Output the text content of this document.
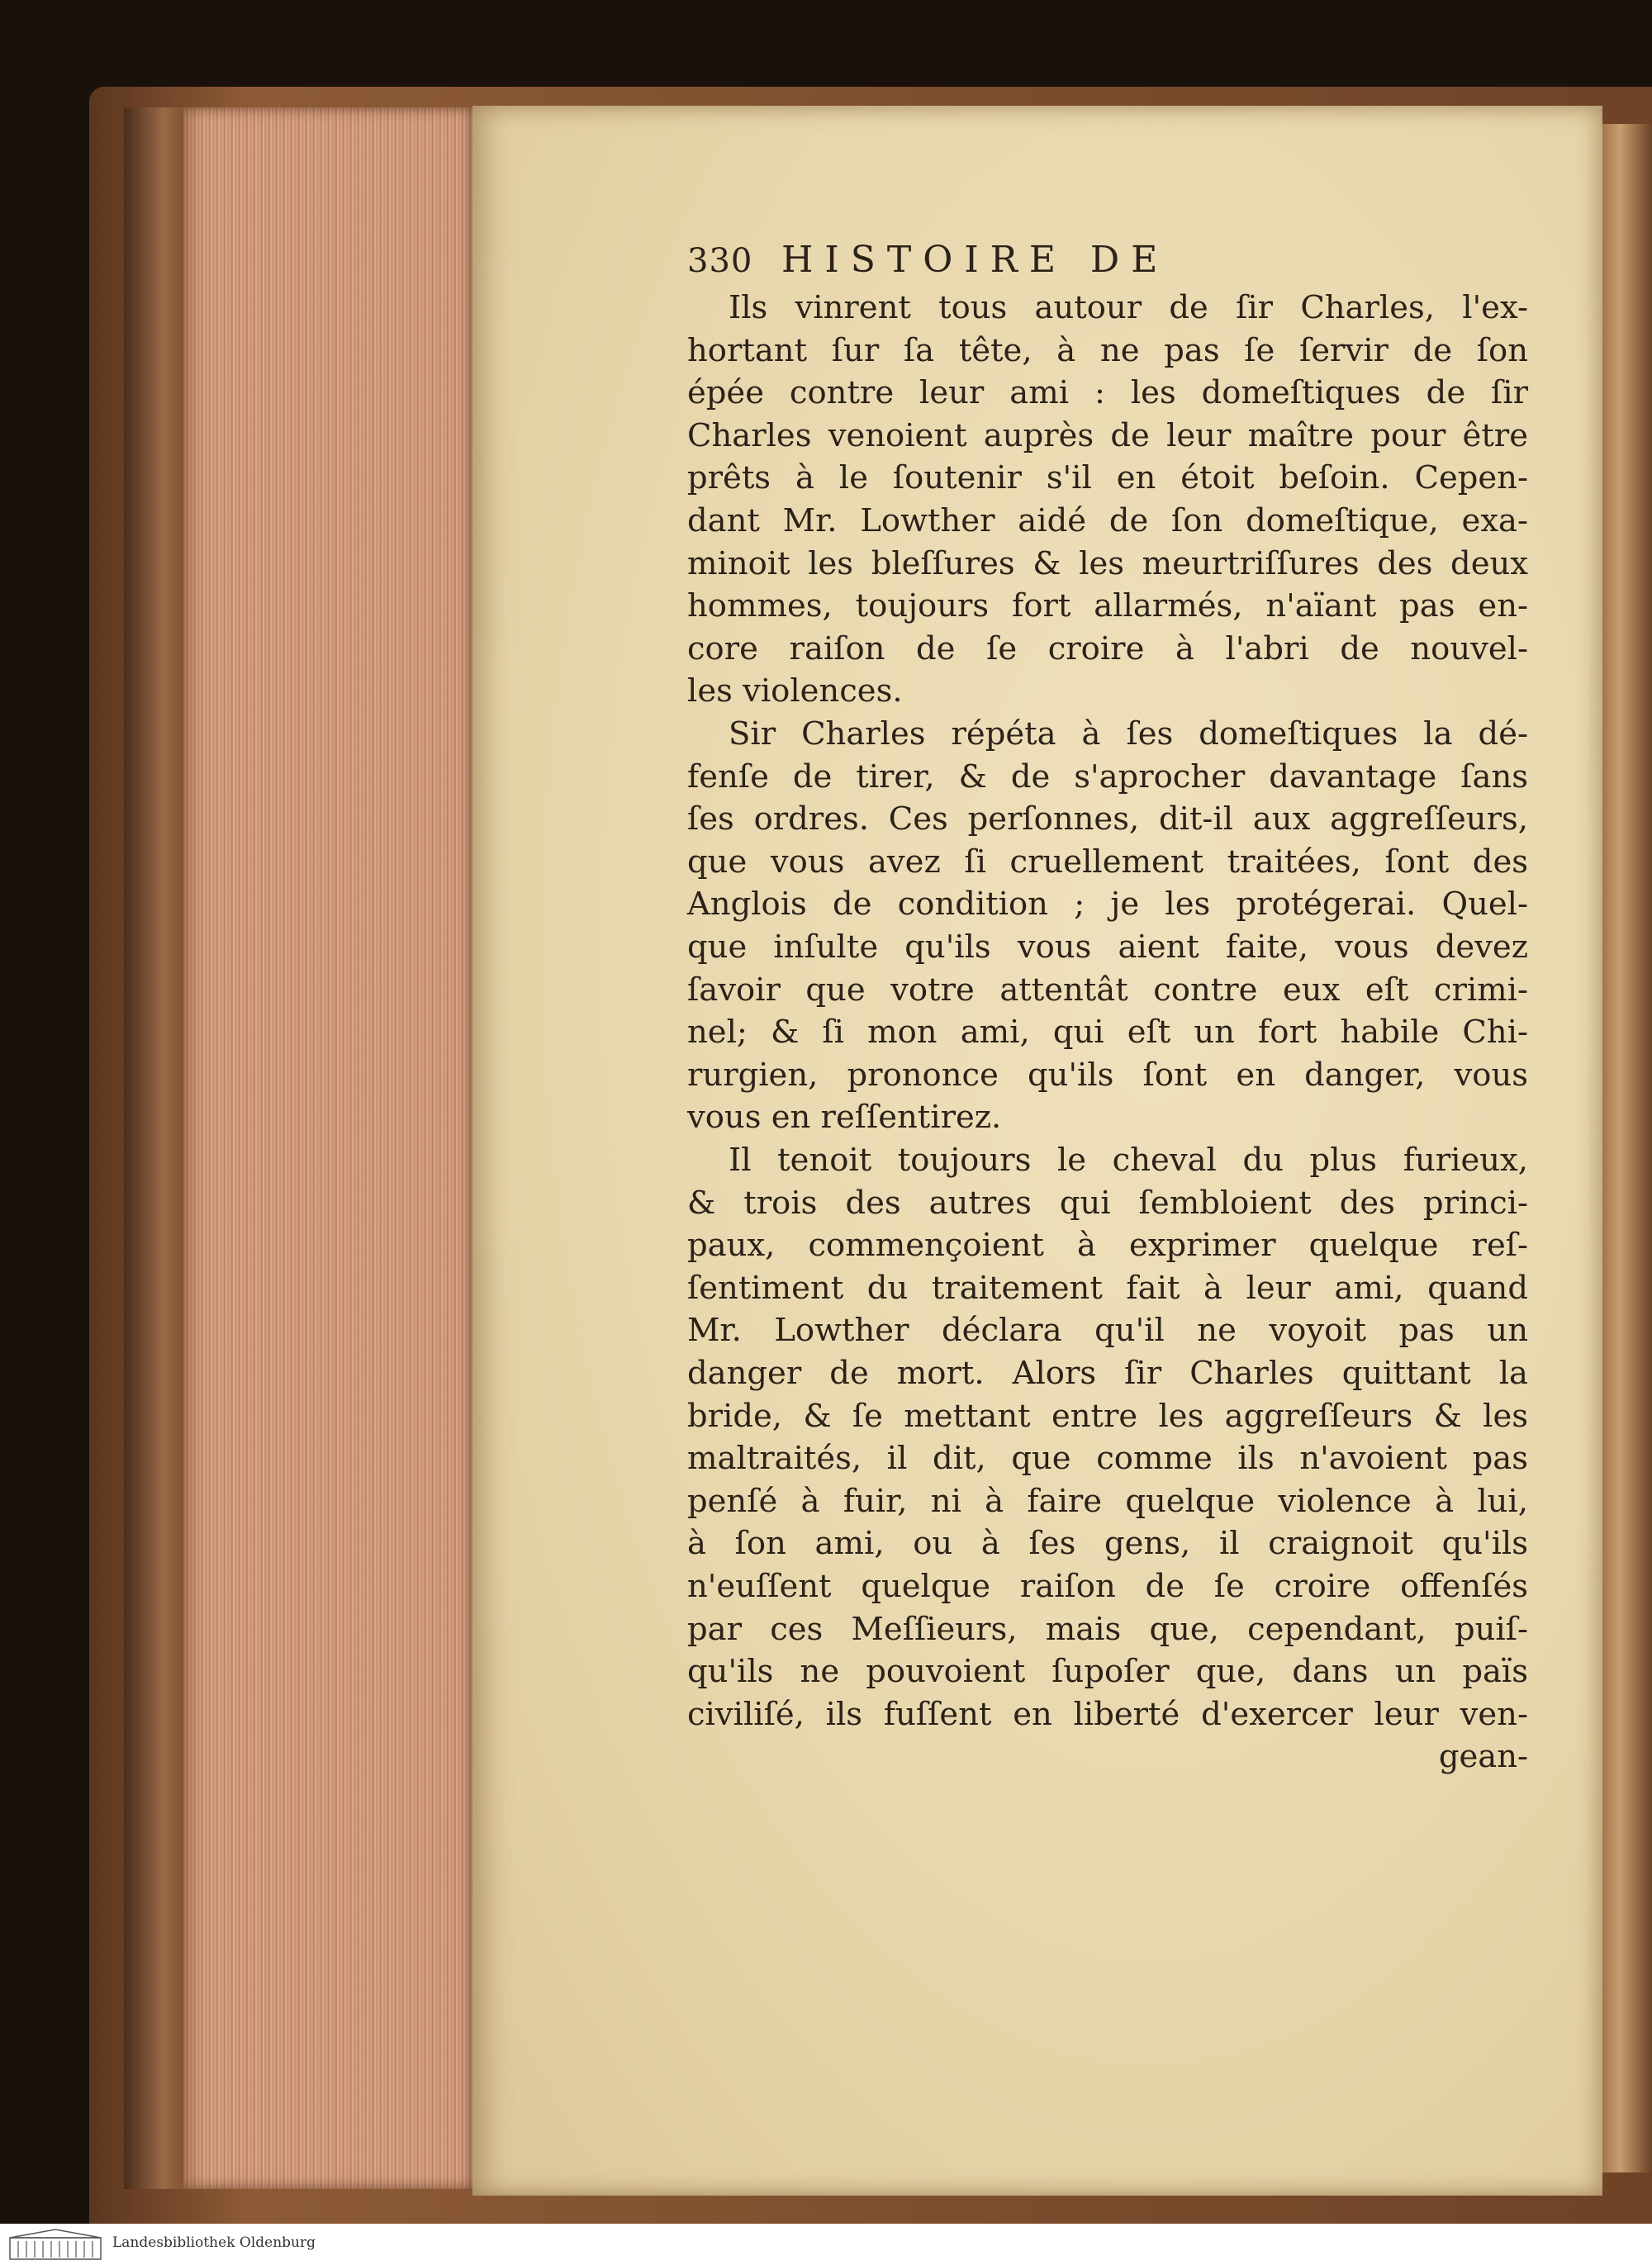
330 HISTOIRE DE
Ils vinrent tous autour de ſir Charles, l'ex-
hortant ſur ſa tête, à ne pas ſe ſervir de ſon
épée contre leur ami : les domeſtiques de ſir
Charles venoient auprès de leur maître pour être
prêts à le ſoutenir s'il en étoit beſoin. Cepen-
dant Mr. Lowther aidé de ſon domeſtique, exa-
minoit les bleſſures & les meurtriſſures des deux
hommes, toujours fort allarmés, n'aïant pas en-
core raiſon de ſe croire à l'abri de nouvel-
les violences.
Sir Charles répéta à ſes domeſtiques la dé-
fenſe de tirer, & de s'aprocher davantage ſans
ſes ordres. Ces perſonnes, dit-il aux aggreſſeurs,
que vous avez ſi cruellement traitées, ſont des
Anglois de condition ; je les protégerai. Quel-
que inſulte qu'ils vous aient faite, vous devez
ſavoir que votre attentât contre eux eſt crimi-
nel; & ſi mon ami, qui eſt un fort habile Chi-
rurgien, prononce qu'ils ſont en danger, vous
vous en reſſentirez.
Il tenoit toujours le cheval du plus furieux,
& trois des autres qui ſembloient des princi-
paux, commençoient à exprimer quelque reſ-
ſentiment du traitement fait à leur ami, quand
Mr. Lowther déclara qu'il ne voyoit pas un
danger de mort. Alors ſir Charles quittant la
bride, & ſe mettant entre les aggreſſeurs & les
maltraités, il dit, que comme ils n'avoient pas
penſé à fuir, ni à faire quelque violence à lui,
à ſon ami, ou à ſes gens, il craignoit qu'ils
n'euſſent quelque raiſon de ſe croire offenſés
par ces Meſſieurs, mais que, cependant, puiſ-
qu'ils ne pouvoient ſupoſer que, dans un païs
civiliſé, ils fuſſent en liberté d'exercer leur ven-
gean-
Landesbibliothek Oldenburg
